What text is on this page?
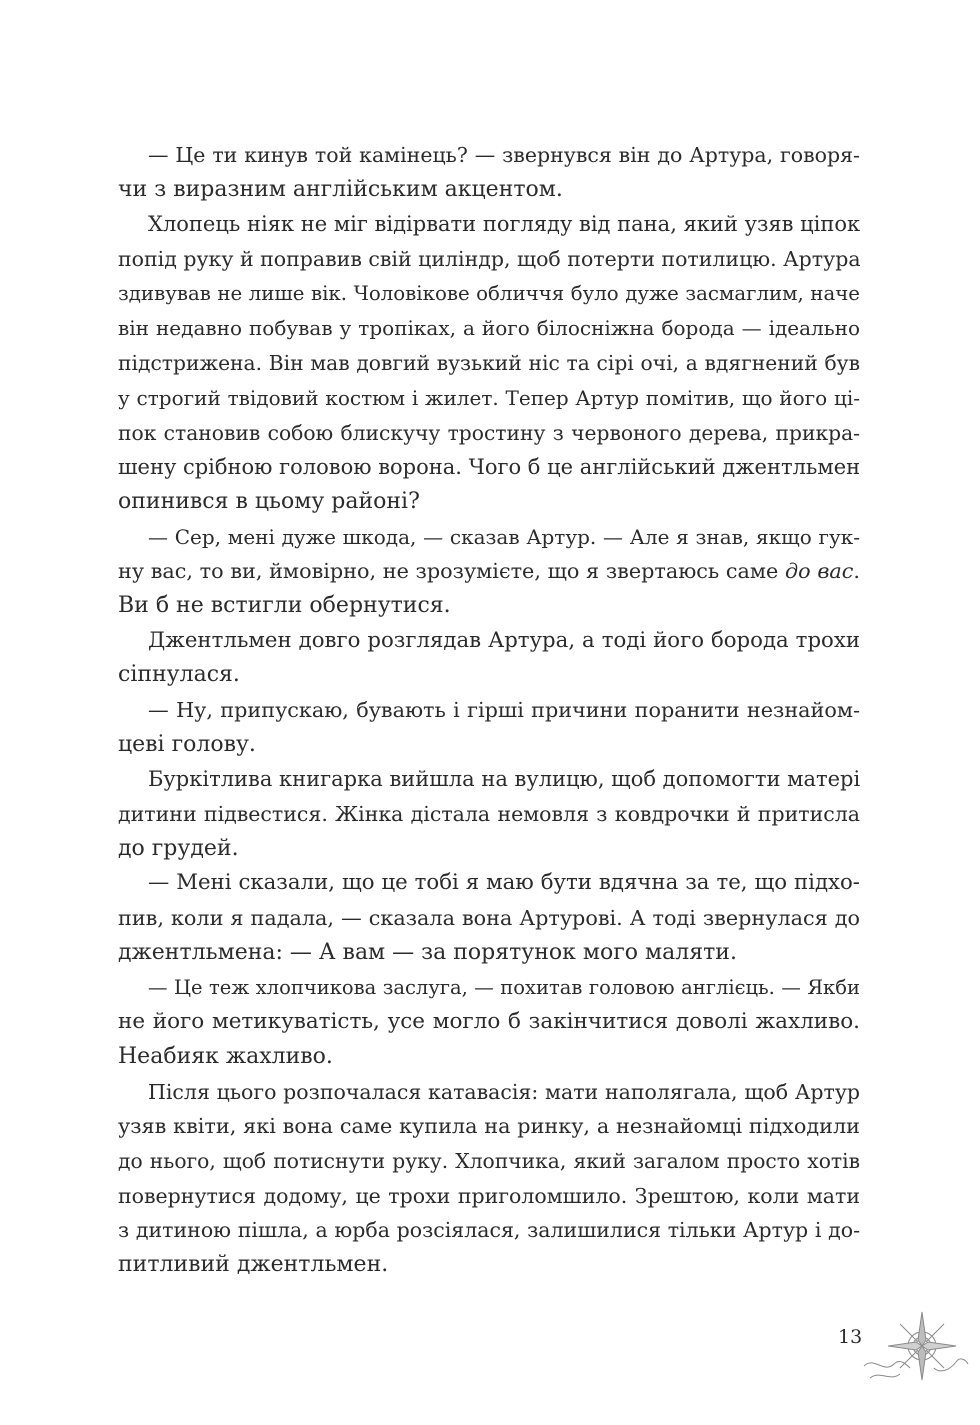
— Це ти кинув той камінець? — звернувся він до Артура, говоря-
чи з виразним англійським акцентом.
Хлопець ніяк не міг відірвати погляду від пана, який узяв ціпок
попід руку й поправив свій циліндр, щоб потерти потилицю. Артура
здивував не лише вік. Чоловікове обличчя було дуже засмаглим, наче
він недавно побував у тропіках, а його білосніжна борода — ідеально
підстрижена. Він мав довгий вузький ніс та сірі очі, а вдягнений був
у строгий твідовий костюм і жилет. Тепер Артур помітив, що його ці-
пок становив собою блискучу тростину з червоного дерева, прикра-
шену срібною головою ворона. Чого б це англійський джентльмен
опинився в цьому районі?
— Сер, мені дуже шкода, — сказав Артур. — Але я знав, якщо гук-
ну вас, то ви, ймовірно, не зрозумієте, що я звертаюсь саме до вас.
Ви б не встигли обернутися.
Джентльмен довго розглядав Артура, а тоді його борода трохи
сіпнулася.
— Ну, припускаю, бувають і гірші причини поранити незнайом-
цеві голову.
Буркітлива книгарка вийшла на вулицю, щоб допомогти матері
дитини підвестися. Жінка дістала немовля з ковдрочки й притисла
до грудей.
— Мені сказали, що це тобі я маю бути вдячна за те, що підхо-
пив, коли я падала, — сказала вона Артурові. А тоді звернулася до
джентльмена: — А вам — за порятунок мого маляти.
— Це теж хлопчикова заслуга, — похитав головою англієць. — Якби
не його метикуватість, усе могло б закінчитися доволі жахливо.
Неабияк жахливо.
Після цього розпочалася катавасія: мати наполягала, щоб Артур
узяв квіти, які вона саме купила на ринку, а незнайомці підходили
до нього, щоб потиснути руку. Хлопчика, який загалом просто хотів
повернутися додому, це трохи приголомшило. Зрештою, коли мати
з дитиною пішла, а юрба розсіялася, залишилися тільки Артур і до-
питливий джентльмен.
13
